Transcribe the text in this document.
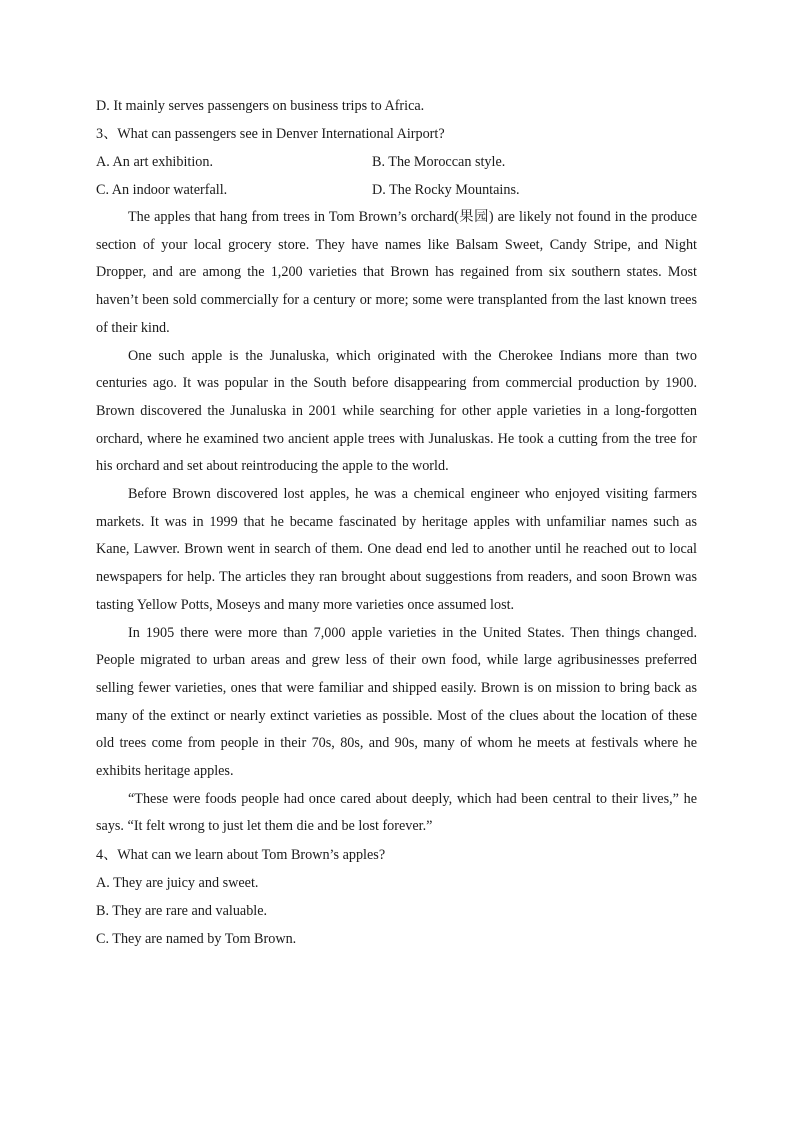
D. It mainly serves passengers on business trips to Africa.
3、What can passengers see in Denver International Airport?
A. An art exhibition.	B. The Moroccan style.
C. An indoor waterfall.	D. The Rocky Mountains.

The apples that hang from trees in Tom Brown’s orchard(果园) are likely not found in the produce section of your local grocery store. They have names like Balsam Sweet, Candy Stripe, and Night Dropper, and are among the 1,200 varieties that Brown has regained from six southern states. Most haven’t been sold commercially for a century or more; some were transplanted from the last known trees of their kind.

One such apple is the Junaluska, which originated with the Cherokee Indians more than two centuries ago. It was popular in the South before disappearing from commercial production by 1900. Brown discovered the Junaluska in 2001 while searching for other apple varieties in a long-forgotten orchard, where he examined two ancient apple trees with Junaluskas. He took a cutting from the tree for his orchard and set about reintroducing the apple to the world.

Before Brown discovered lost apples, he was a chemical engineer who enjoyed visiting farmers markets. It was in 1999 that he became fascinated by heritage apples with unfamiliar names such as Kane, Lawver. Brown went in search of them. One dead end led to another until he reached out to local newspapers for help. The articles they ran brought about suggestions from readers, and soon Brown was tasting Yellow Potts, Moseys and many more varieties once assumed lost.

In 1905 there were more than 7,000 apple varieties in the United States. Then things changed. People migrated to urban areas and grew less of their own food, while large agribusinesses preferred selling fewer varieties, ones that were familiar and shipped easily. Brown is on mission to bring back as many of the extinct or nearly extinct varieties as possible. Most of the clues about the location of these old trees come from people in their 70s, 80s, and 90s, many of whom he meets at festivals where he exhibits heritage apples.

“These were foods people had once cared about deeply, which had been central to their lives,” he says. “It felt wrong to just let them die and be lost forever.”

4、What can we learn about Tom Brown’s apples?
A. They are juicy and sweet.
B. They are rare and valuable.
C. They are named by Tom Brown.
